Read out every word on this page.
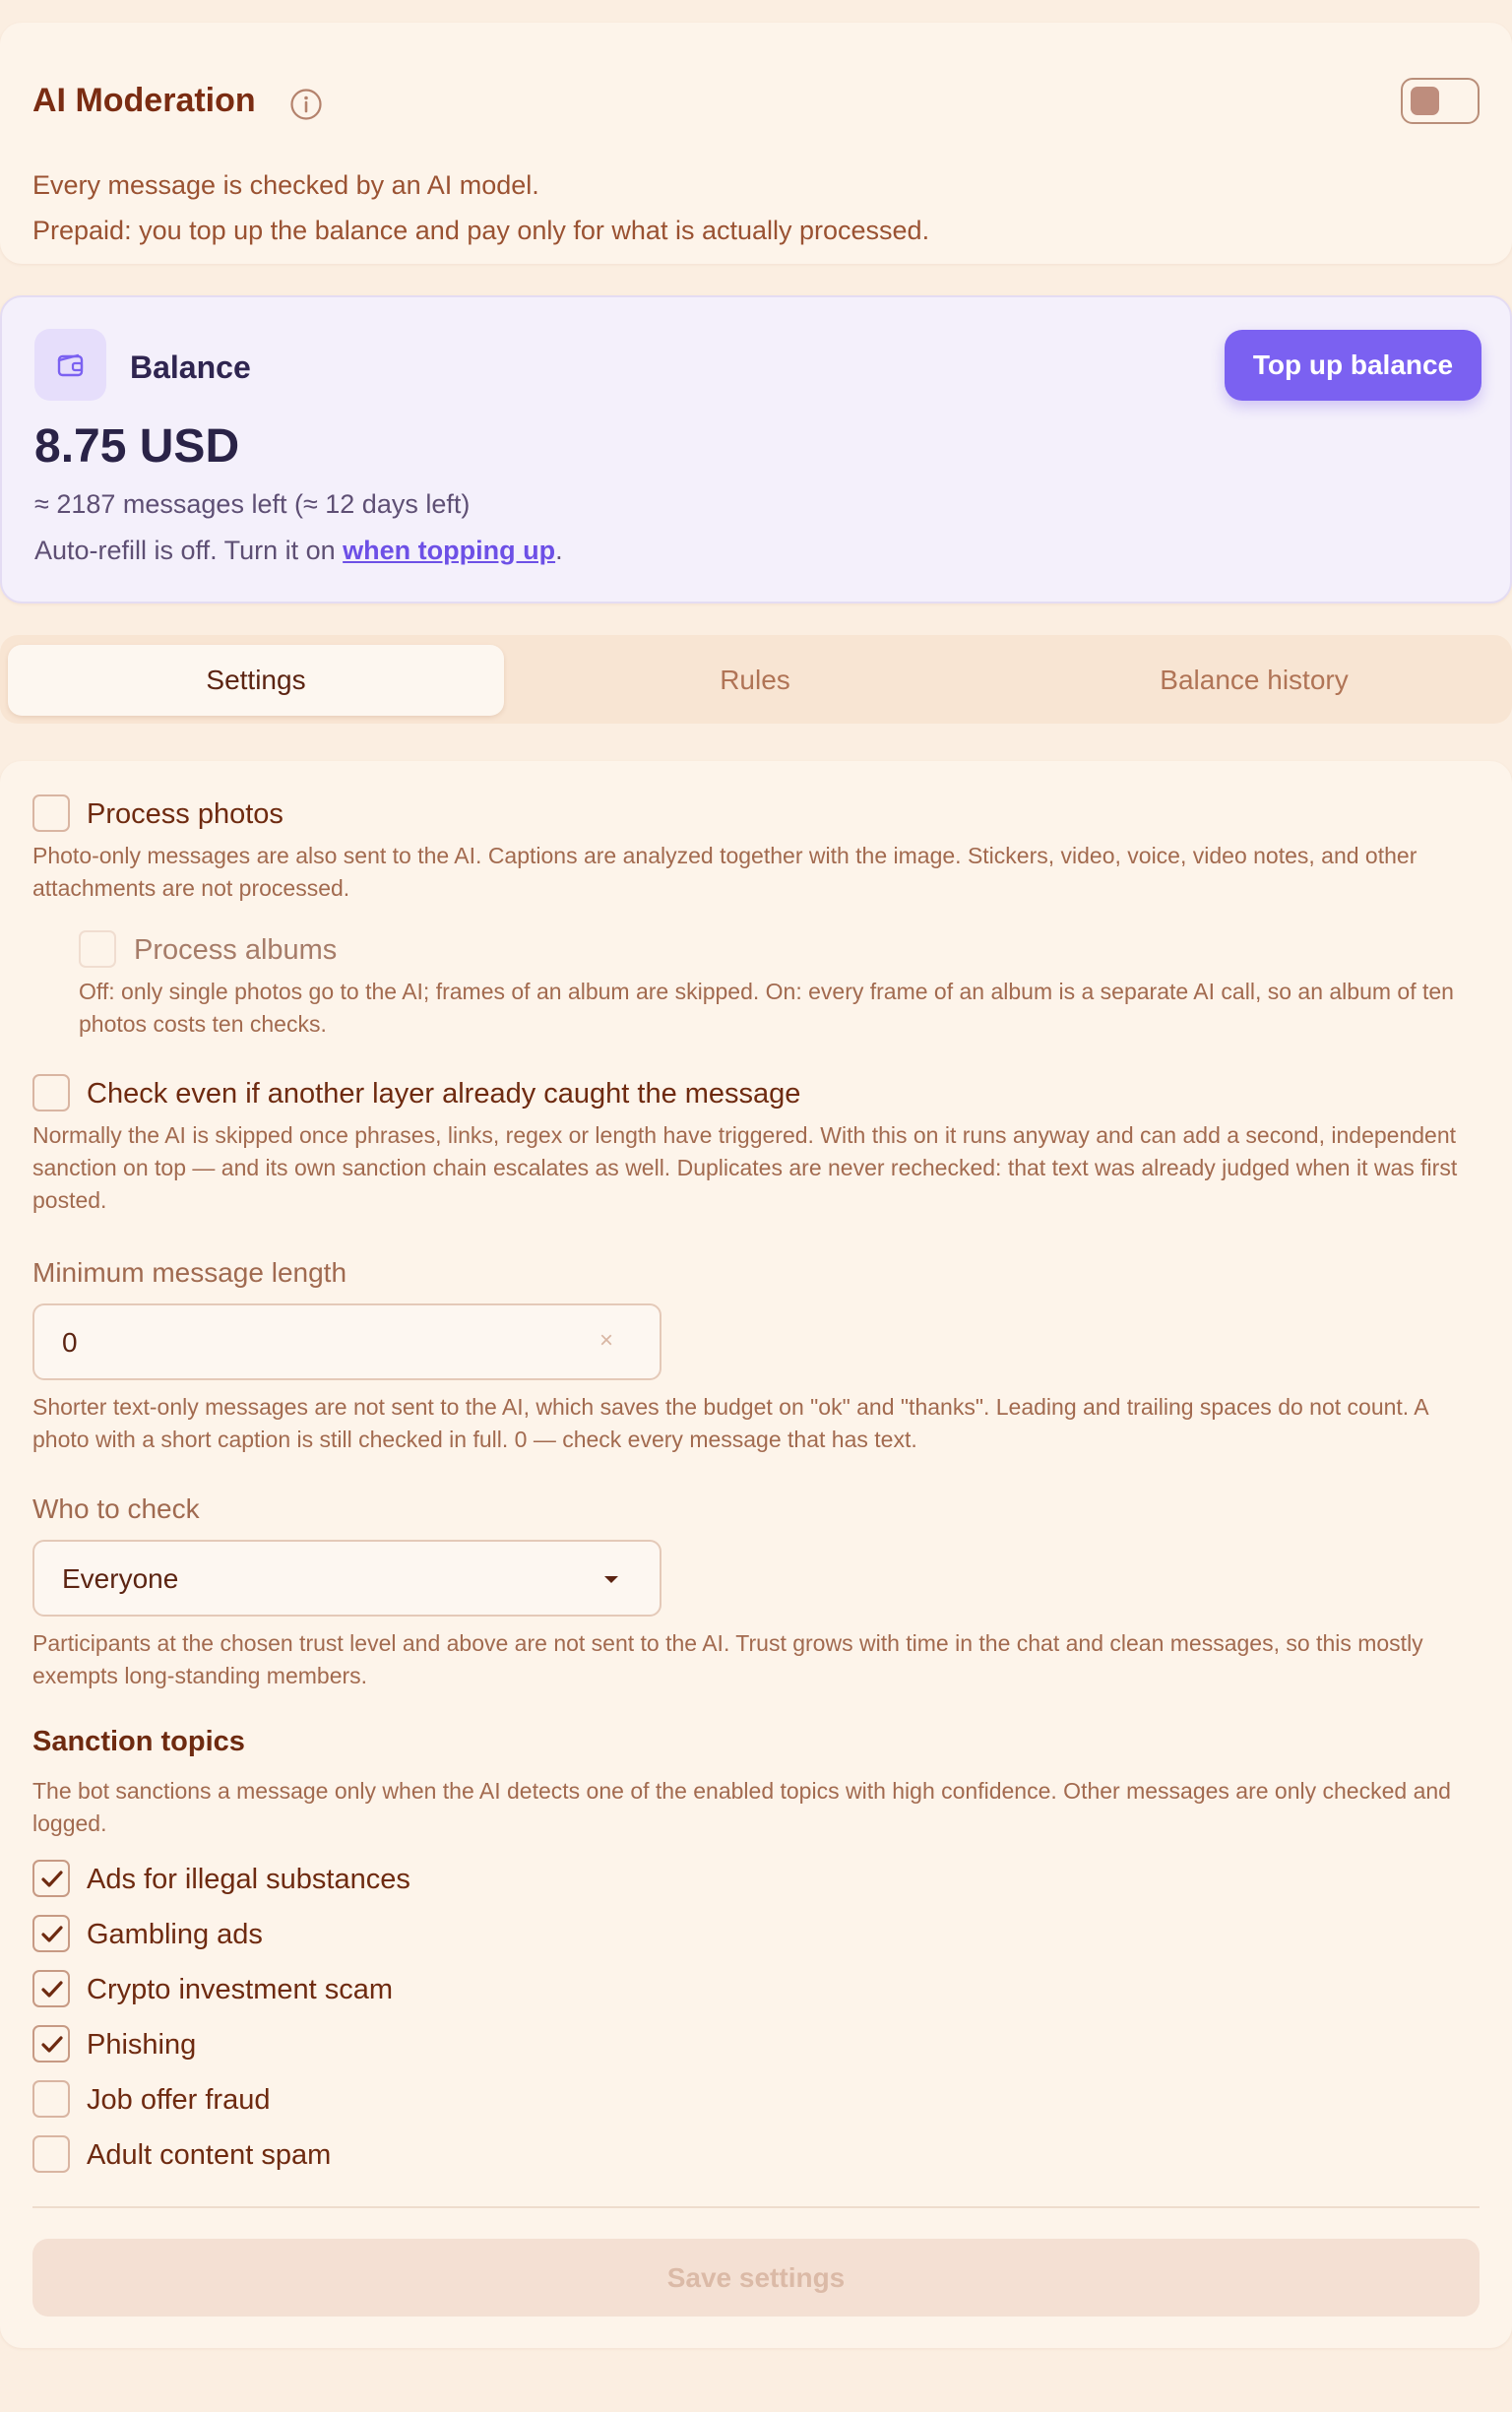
AI Moderation
Every message is checked by an AI model.
Prepaid: you top up the balance and pay only for what is actually processed.
Balance	Top up balance
8.75 USD
≈ 2187 messages left (≈ 12 days left)
Auto-refill is off. Turn it on when topping up.
Settings	Rules	Balance history
Process photos
Photo-only messages are also sent to the AI. Captions are analyzed together with the image. Stickers, video, voice, video notes, and other attachments are not processed.
Process albums
Off: only single photos go to the AI; frames of an album are skipped. On: every frame of an album is a separate AI call, so an album of ten photos costs ten checks.
Check even if another layer already caught the message
Normally the AI is skipped once phrases, links, regex or length have triggered. With this on it runs anyway and can add a second, independent sanction on top — and its own sanction chain escalates as well. Duplicates are never rechecked: that text was already judged when it was first posted.
Minimum message length
0	×
Shorter text-only messages are not sent to the AI, which saves the budget on "ok" and "thanks". Leading and trailing spaces do not count. A photo with a short caption is still checked in full. 0 — check every message that has text.
Who to check
Everyone
Participants at the chosen trust level and above are not sent to the AI. Trust grows with time in the chat and clean messages, so this mostly exempts long-standing members.
Sanction topics
The bot sanctions a message only when the AI detects one of the enabled topics with high confidence. Other messages are only checked and logged.
Ads for illegal substances
Gambling ads
Crypto investment scam
Phishing
Job offer fraud
Adult content spam
Save settings
